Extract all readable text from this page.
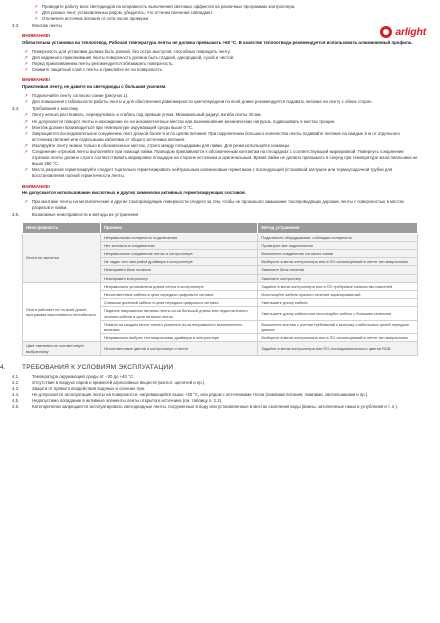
arlight

↗ Проведите работу всех светодиодов на исправность выполнения световых эффектов на различных программах контроллера.

↗ Для разных лент, установленных рядом, убедитесь, что оттенки свечения совпадают.

↗ Отключите источник питания от сети после проверки.

3.3.	Монтаж ленты

ВНИМАНИЕ!

Обязательна установка на теплоотвод. Рабочая температура ленты не должна превышать +60 °C. В качестве теплоотвода рекомендуется использовать алюминиевый профиль.

↗ Поверхность для установки должна быть ровной, без остро выступов, способных повредить ленту.

↗ Для надежного приклеивания ленты поверхность должна быть гладкой, однородной, сухой и чистой.

↗ Перед приклеиванием ленты рекомендуется обезжирить поверхность.

↗ Снимите защитный слой с ленты и приклейте ее на поверхность.

ВНИМАНИЕ!

Приклеивая ленту, не давите на светодиоды с большим усилием.

↗ Подключайте ленту согласно схеме (рисунок 1).

↗ Для повышения стабильности работы ленты и для обеспечения равномерности цветопередачи по всей длине рекомендуется подавать питание на ленту с обеих сторон.

3.4.	Требования к монтажу

↗ Ленту нельзя растягивать, перекручивать и сгибать под прямым углом. Минимальный радиус изгиба ленты 30 мм.

↗ Не допускается поворот ленты и нахождение ее на некомпетентных местах или возникновение механических нагрузок, подвешивать в местах трещин.

↗ Монтаж должен производиться при температуре окружающей среды выше 0 °C.

↗ Запрещается последовательное соединение лент длиной более 5 м по цепям питания. При подключении большего количества ленты подавайте питание на каждые 5 м от отдельного источника питания или отдельными кабелями от общего источника питания.

↗ Изолируйте ленту можно только в обозначенных местах, строго между площадками для пайки. Для резки используйте ножницы.

↗ Соединение отрезков ленты выполняйте при помощи пайки. Проводом припаиваются к обозначенным контактам на площадках с соответствующей маркировкой. Повернуть соединение отрезков ленты должно строго соответствовать маркировке площадок на стороне источника и оригинальным. Время пайки не должно превышать 5 секунд при температуре жала паяльника не выше 260 °C.

↗ Места разрезов герметизируйте следует тщательно герметизировать нейтральным силиконовым герметиком с последующей установкой заглушек или термоусадочной трубки для восстановления полной герметичности ленты.

ВНИМАНИЕ!

Не допускается использование кислотных и других химически активных герметизирующих составов.

↗ При монтаже ленты на металлические и другие токопроводящие поверхности следите за тем, чтобы не произошло замыкание токопроводящих дорожек ленты с поверхностью в местах разрезов и пайки.

3.5.	Возможные неисправности и методы их устранения

Неисправность	Причина	Метод устранения
Лента не светится	Неправильная полярность подключения	Подключите оборудование, соблюдая полярность
	Нет контакта в соединениях	Проверьте все подключения
	Неправильное соединение ленты и контроллера	Выполните соединение согласно схеме
	Не задан тип настройки драйвера в контроллере	Выберите в меню контроллера или в ПО используемый в ленте тип микросхемы
	Неисправен блок питания	Замените блок питания
	Неисправен контроллер	Замените контроллер
Лента работает не по всей длине, программы выполняются нестабильно	Неправильно установлена длина ленты в контроллере	Задайте в меню контроллера или в ПО требуемое количество пикселей
	Несоответствие кабеля в цепи передачи цифрового сигнала	Используйте кабель нужного сечения экранированный
	Слишком длинный кабель в цепи передачи цифрового сигнала	Уменьшите длину кабеля
	Падение напряжения питания ленты из-за большой длины или недостаточного сечения кабеля в цепи питания ленты	Уменьшите длину кабеля или используйте кабель с большим сечением
	Помеха на каждом месте сигнал усиления из-за неправильно выполненного монтажа	Выполните монтаж с учетом требований к монтажу слаботочных цепей передачи данных
	Неправильно выбран тип микросхемы драйвера в контроллере	Выберите в меню контроллера или в ПО используемый в ленте тип микросхемы
Цвет свечения не соответствует выбранному	Несоответствие цветов в контроллере и ленте	Задайте в меню контроллера или ПО последовательность цветов RGB

4. ТРЕБОВАНИЯ К УСЛОВИЯМ ЭКСПЛУАТАЦИИ

4.1.	Температура окружающей среды от −20 до +40 °C.

4.2.	Отсутствие в воздухе паров и примесей агрессивных веществ (кислот, щелочей и пр.).

4.3.	Защита от прямого воздействия водяных и осенних луж.

4.4.	Не допускается эксплуатация ленты на поверхности, нагревающейся выше +40 °C, или рядом с источниками тепла (лампами питания, лампами, светильниками и пр.).

4.5.	Недопустимо попадание в активные элементы ленты открытого источника (см. таблицу п. 2.2).

4.6.	Категорически запрещается эксплуатировать светодиодные ленты, погруженные в воду или установленные в местах скопления воды (ванны, затопленные ниши и углубления и т. п.).
